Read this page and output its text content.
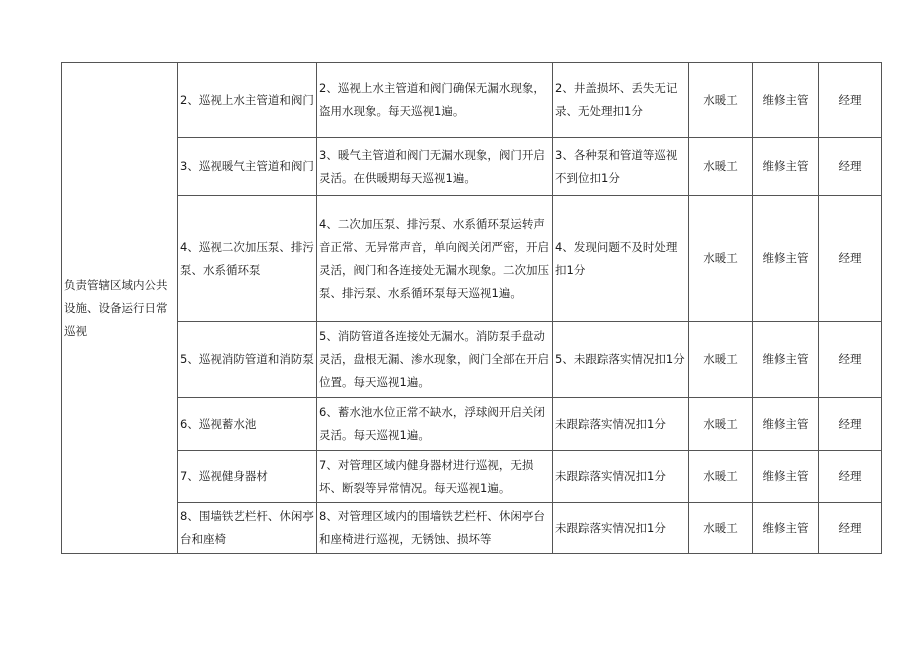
负责管辖区域内公共设施、设备运行日常巡视	2、巡视上水主管道和阀门	2、巡视上水主管道和阀门确保无漏水现象，盗用水现象。每天巡视1遍。	2、井盖损坏、丢失无记录、无处理扣1分	水暖工	维修主管	经理
	3、巡视暖气主管道和阀门	3、暖气主管道和阀门无漏水现象，阀门开启灵活。在供暖期每天巡视1遍。	3、各种泵和管道等巡视不到位扣1分	水暖工	维修主管	经理
	4、巡视二次加压泵、排污泵、水系循环泵	4、二次加压泵、排污泵、水系循环泵运转声音正常、无异常声音，单向阀关闭严密，开启灵活，阀门和各连接处无漏水现象。二次加压泵、排污泵、水系循环泵每天巡视1遍。	4、发现问题不及时处理扣1分	水暖工	维修主管	经理
	5、巡视消防管道和消防泵	5、消防管道各连接处无漏水。消防泵手盘动灵活，盘根无漏、渗水现象，阀门全部在开启位置。每天巡视1遍。	5、未跟踪落实情况扣1分	水暖工	维修主管	经理
	6、巡视蓄水池	6、蓄水池水位正常不缺水，浮球阀开启关闭灵活。每天巡视1遍。	未跟踪落实情况扣1分	水暖工	维修主管	经理
	7、巡视健身器材	7、对管理区域内健身器材进行巡视，无损坏、断裂等异常情况。每天巡视1遍。	未跟踪落实情况扣1分	水暖工	维修主管	经理
	8、围墙铁艺栏杆、休闲亭台和座椅	8、对管理区域内的围墙铁艺栏杆、休闲亭台和座椅进行巡视，无锈蚀、损坏等	未跟踪落实情况扣1分	水暖工	维修主管	经理
